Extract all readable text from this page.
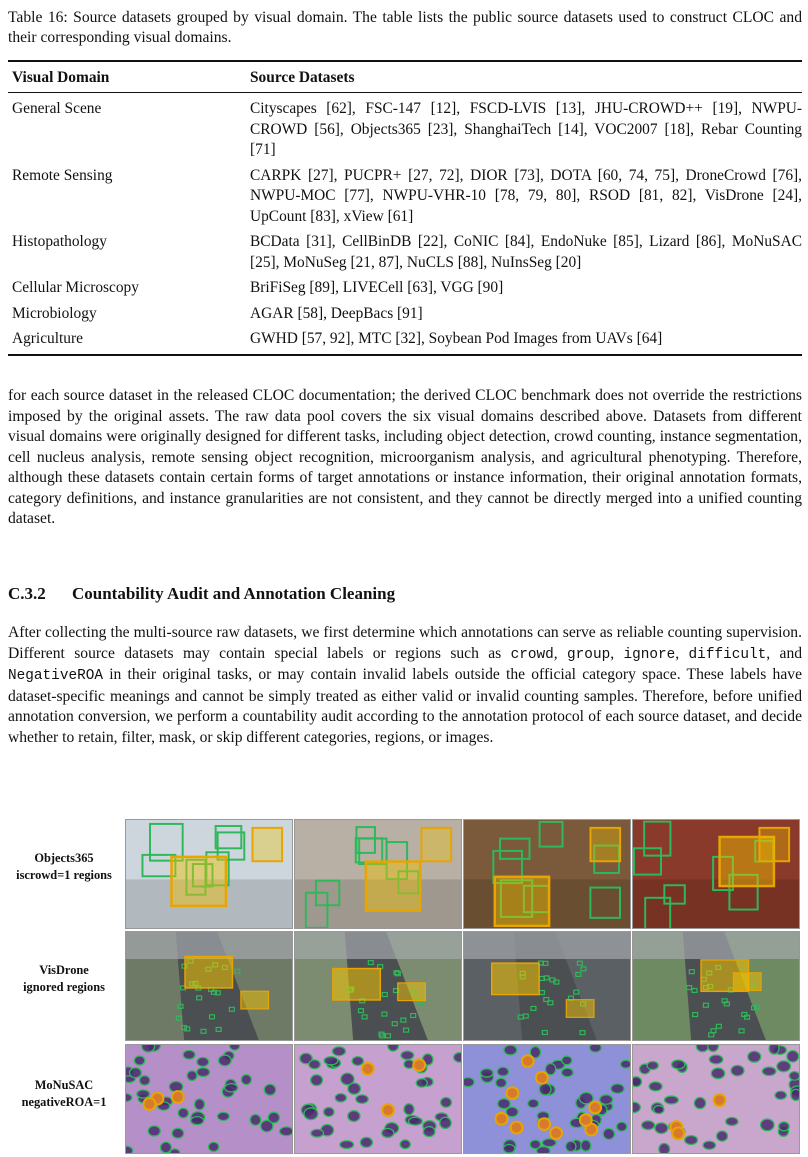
Table 16: Source datasets grouped by visual domain. The table lists the public source datasets used to construct CLOC and their corresponding visual domains.
Visual Domain	Source Datasets
General Scene	Cityscapes [62], FSC-147 [12], FSCD-LVIS [13], JHU-CROWD++ [19], NWPU-CROWD [56], Objects365 [23], ShanghaiTech [14], VOC2007 [18], Rebar Counting [71]
Remote Sensing	CARPK [27], PUCPR+ [27, 72], DIOR [73], DOTA [60, 74, 75], DroneCrowd [76], NWPU-MOC [77], NWPU-VHR-10 [78, 79, 80], RSOD [81, 82], VisDrone [24], UpCount [83], xView [61]
Histopathology	BCData [31], CellBinDB [22], CoNIC [84], EndoNuke [85], Lizard [86], MoNuSAC [25], MoNuSeg [21, 87], NuCLS [88], NuInsSeg [20]
Cellular Microscopy	BriFiSeg [89], LIVECell [63], VGG [90]
Microbiology	AGAR [58], DeepBacs [91]
Agriculture	GWHD [57, 92], MTC [32], Soybean Pod Images from UAVs [64]
for each source dataset in the released CLOC documentation; the derived CLOC benchmark does not override the restrictions imposed by the original assets. The raw data pool covers the six visual domains described above. Datasets from different visual domains were originally designed for different tasks, including object detection, crowd counting, instance segmentation, cell nucleus analysis, remote sensing object recognition, microorganism analysis, and agricultural phenotyping. Therefore, although these datasets contain certain forms of target annotations or instance information, their original annotation formats, category definitions, and instance granularities are not consistent, and they cannot be directly merged into a unified counting dataset.
C.3.2 Countability Audit and Annotation Cleaning
After collecting the multi-source raw datasets, we first determine which annotations can serve as reliable counting supervision. Different source datasets may contain special labels or regions such as crowd, group, ignore, difficult, and NegativeROA in their original tasks, or may contain invalid labels outside the official category space. These labels have dataset-specific meanings and cannot be simply treated as either valid or invalid counting samples. Therefore, before unified annotation conversion, we perform a countability audit according to the annotation protocol of each source dataset, and decide whether to retain, filter, mask, or skip different categories, regions, or images.
Objects365
iscrowd=1 regions
VisDrone
ignored regions
MoNuSAC
negativeROA=1
